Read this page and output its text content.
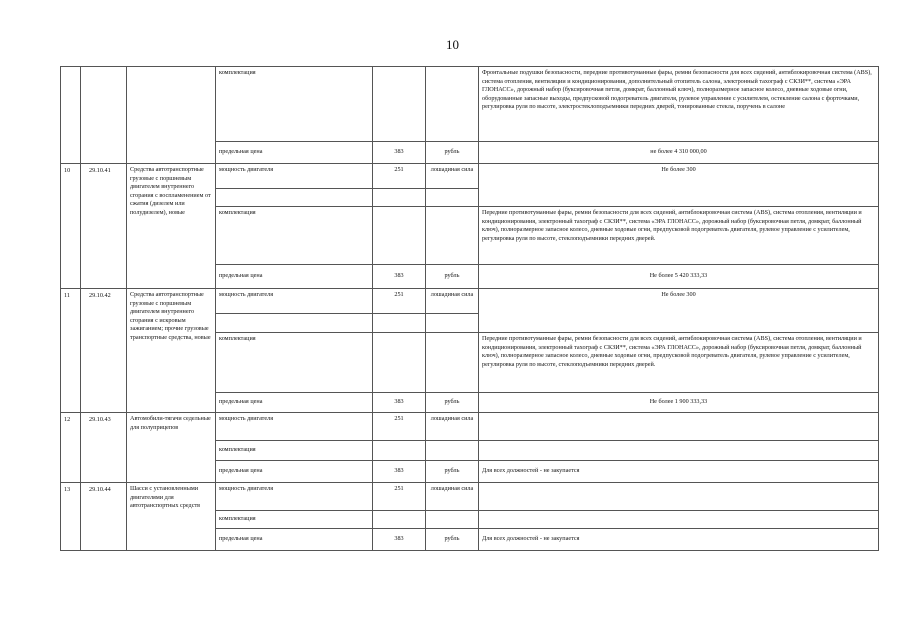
10
			комплектация			Фронтальные подушки безопасности, передние противотуманные фары, ремни безопасности для всех сидений, антиблокировочная система (ABS), система отопления, вентиляции и кондиционирования, дополнительный отопитель салона, электронный тахограф с СКЗИ**, система «ЭРА ГЛОНАСС», дорожный набор (буксировочная петля, домкрат, баллонный ключ), полноразмерное запасное колесо, дневные ходовые огни, оборудованные запасные выходы, предпусковой подогреватель двигателя, рулевое управление с усилителем, остекление салона с форточками, регулировка руля по высоте, электростеклоподъемники передних дверей, тонированные стекла, поручень в салоне
			предельная цена	383	рубль	не более 4 310 000,00
10	29.10.41	Средства автотранспортные грузовые с поршневым двигателем внутреннего сгорания с воспламенением от сжатия (дизелем или полудизелем), новые	мощность двигателя	251	лошадиная сила	Не более 300

			комплектация			Передние противотуманные фары, ремни безопасности для всех сидений, антиблокировочная система (ABS), система отопления, вентиляции и кондиционирования, электронный тахограф с СКЗИ**, система «ЭРА ГЛОНАСС», дорожный набор (буксировочная петля, домкрат, баллонный ключ), полноразмерное запасное колесо, дневные ходовые огни, предпусковой подогреватель двигателя, рулевое управление с усилителем, регулировка руля по высоте, стеклоподъемники передних дверей.
			предельная цена	383	рубль	Не более 5 420 333,33
11	29.10.42	Средства автотранспортные грузовые с поршневым двигателем внутреннего сгорания с искровым зажиганием; прочие грузовые транспортные средства, новые	мощность двигателя	251	лошадиная сила	Не более 300

			комплектация			Передние противотуманные фары, ремни безопасности для всех сидений, антиблокировочная система (ABS), система отопления, вентиляции и кондиционирования, электронный тахограф с СКЗИ**, система «ЭРА ГЛОНАСС», дорожный набор (буксировочная петля, домкрат, баллонный ключ), полноразмерное запасное колесо, дневные ходовые огни, предпусковой подогреватель двигателя, рулевое управление с усилителем, регулировка руля по высоте, стеклоподъемники передних дверей.
			предельная цена	383	рубль	Не более 1 900 333,33
12	29.10.43	Автомобили-тягачи седельные для полуприцепов	мощность двигателя	251	лошадиная сила	
			комплектация			
			предельная цена	383	рубль	Для всех должностей - не закупается
13	29.10.44	Шасси с установленными двигателями для автотранспортных средств	мощность двигателя	251	лошадиная сила	
			комплектация			
			предельная цена	383	рубль	Для всех должностей - не закупается
